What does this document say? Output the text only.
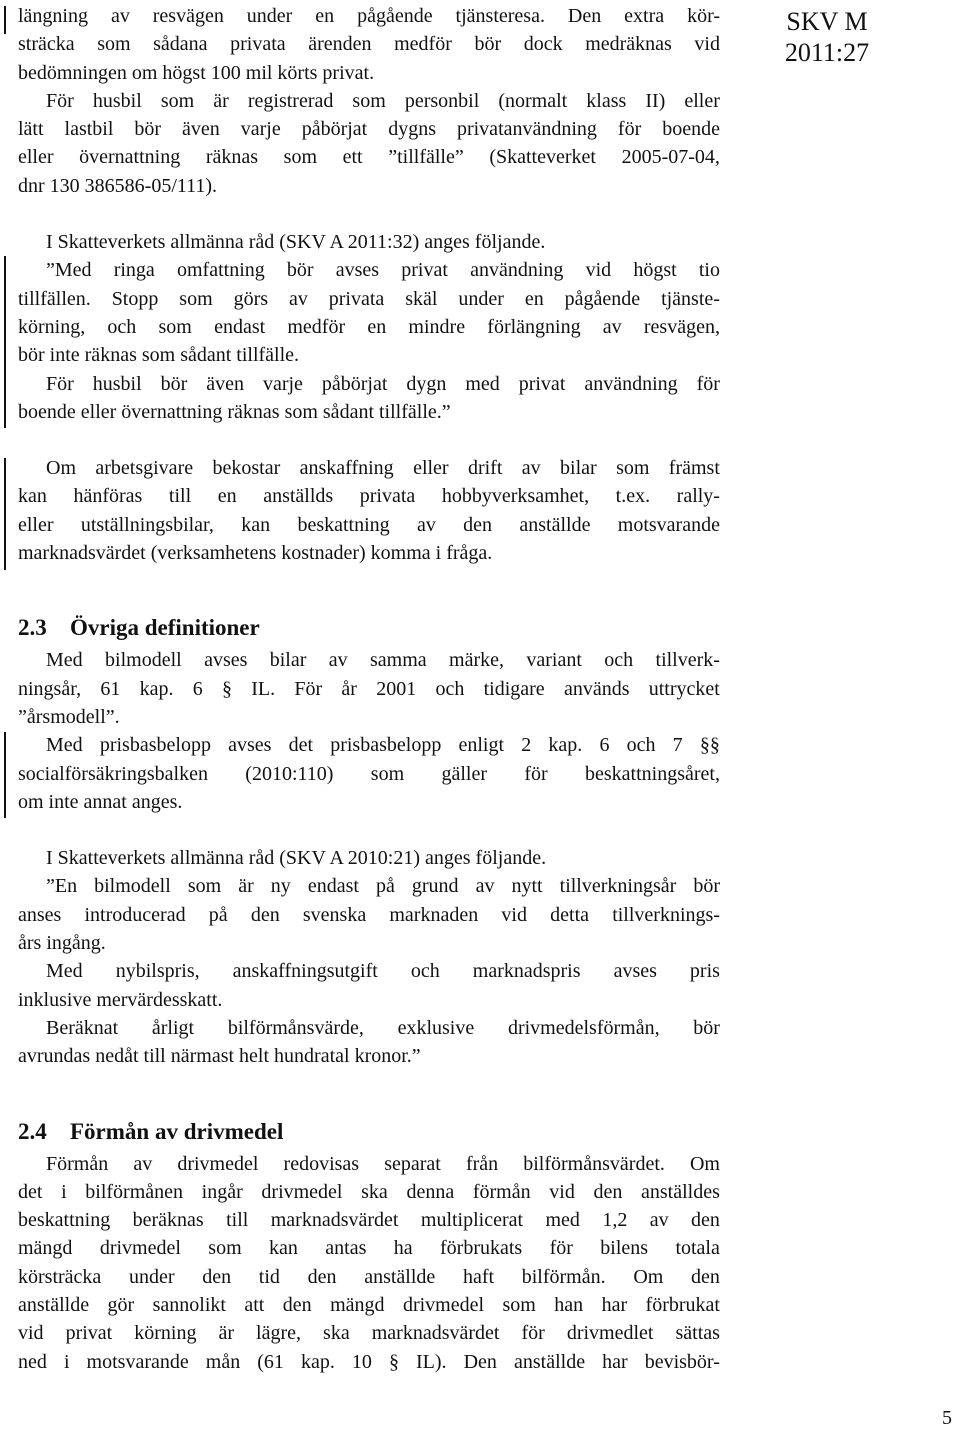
SKV M
2011:27
längning av resvägen under en pågående tjänsteresa. Den extra kör-
sträcka som sådana privata ärenden medför bör dock medräknas vid
bedömningen om högst 100 mil körts privat.
För husbil som är registrerad som personbil (normalt klass II) eller
lätt lastbil bör även varje påbörjat dygns privatanvändning för boende
eller övernattning räknas som ett ”tillfälle” (Skatteverket 2005-07-04,
dnr 130 386586-05/111).
I Skatteverkets allmänna råd (SKV A 2011:32) anges följande.
”Med ringa omfattning bör avses privat användning vid högst tio
tillfällen. Stopp som görs av privata skäl under en pågående tjänste-
körning, och som endast medför en mindre förlängning av resvägen,
bör inte räknas som sådant tillfälle.
För husbil bör även varje påbörjat dygn med privat användning för
boende eller övernattning räknas som sådant tillfälle.”
Om arbetsgivare bekostar anskaffning eller drift av bilar som främst
kan hänföras till en anställds privata hobbyverksamhet, t.ex. rally-
eller utställningsbilar, kan beskattning av den anställde motsvarande
marknadsvärdet (verksamhetens kostnader) komma i fråga.
2.3	Övriga definitioner
Med bilmodell avses bilar av samma märke, variant och tillverk-
ningsår, 61 kap. 6 § IL. För år 2001 och tidigare används uttrycket
”årsmodell”.
Med prisbasbelopp avses det prisbasbelopp enligt 2 kap. 6 och 7 §§
socialförsäkringsbalken (2010:110) som gäller för beskattningsåret,
om inte annat anges.
I Skatteverkets allmänna råd (SKV A 2010:21) anges följande.
”En bilmodell som är ny endast på grund av nytt tillverkningsår bör
anses introducerad på den svenska marknaden vid detta tillverknings-
års ingång.
Med nybilspris, anskaffningsutgift och marknadspris avses pris
inklusive mervärdesskatt.
Beräknat årligt bilförmånsvärde, exklusive drivmedelsförmån, bör
avrundas nedåt till närmast helt hundratal kronor.”
2.4	Förmån av drivmedel
Förmån av drivmedel redovisas separat från bilförmånsvärdet. Om
det i bilförmånen ingår drivmedel ska denna förmån vid den anställdes
beskattning beräknas till marknadsvärdet multiplicerat med 1,2 av den
mängd drivmedel som kan antas ha förbrukats för bilens totala
körsträcka under den tid den anställde haft bilförmån. Om den
anställde gör sannolikt att den mängd drivmedel som han har förbrukat
vid privat körning är lägre, ska marknadsvärdet för drivmedlet sättas
ned i motsvarande mån (61 kap. 10 § IL). Den anställde har bevisbör-
5
